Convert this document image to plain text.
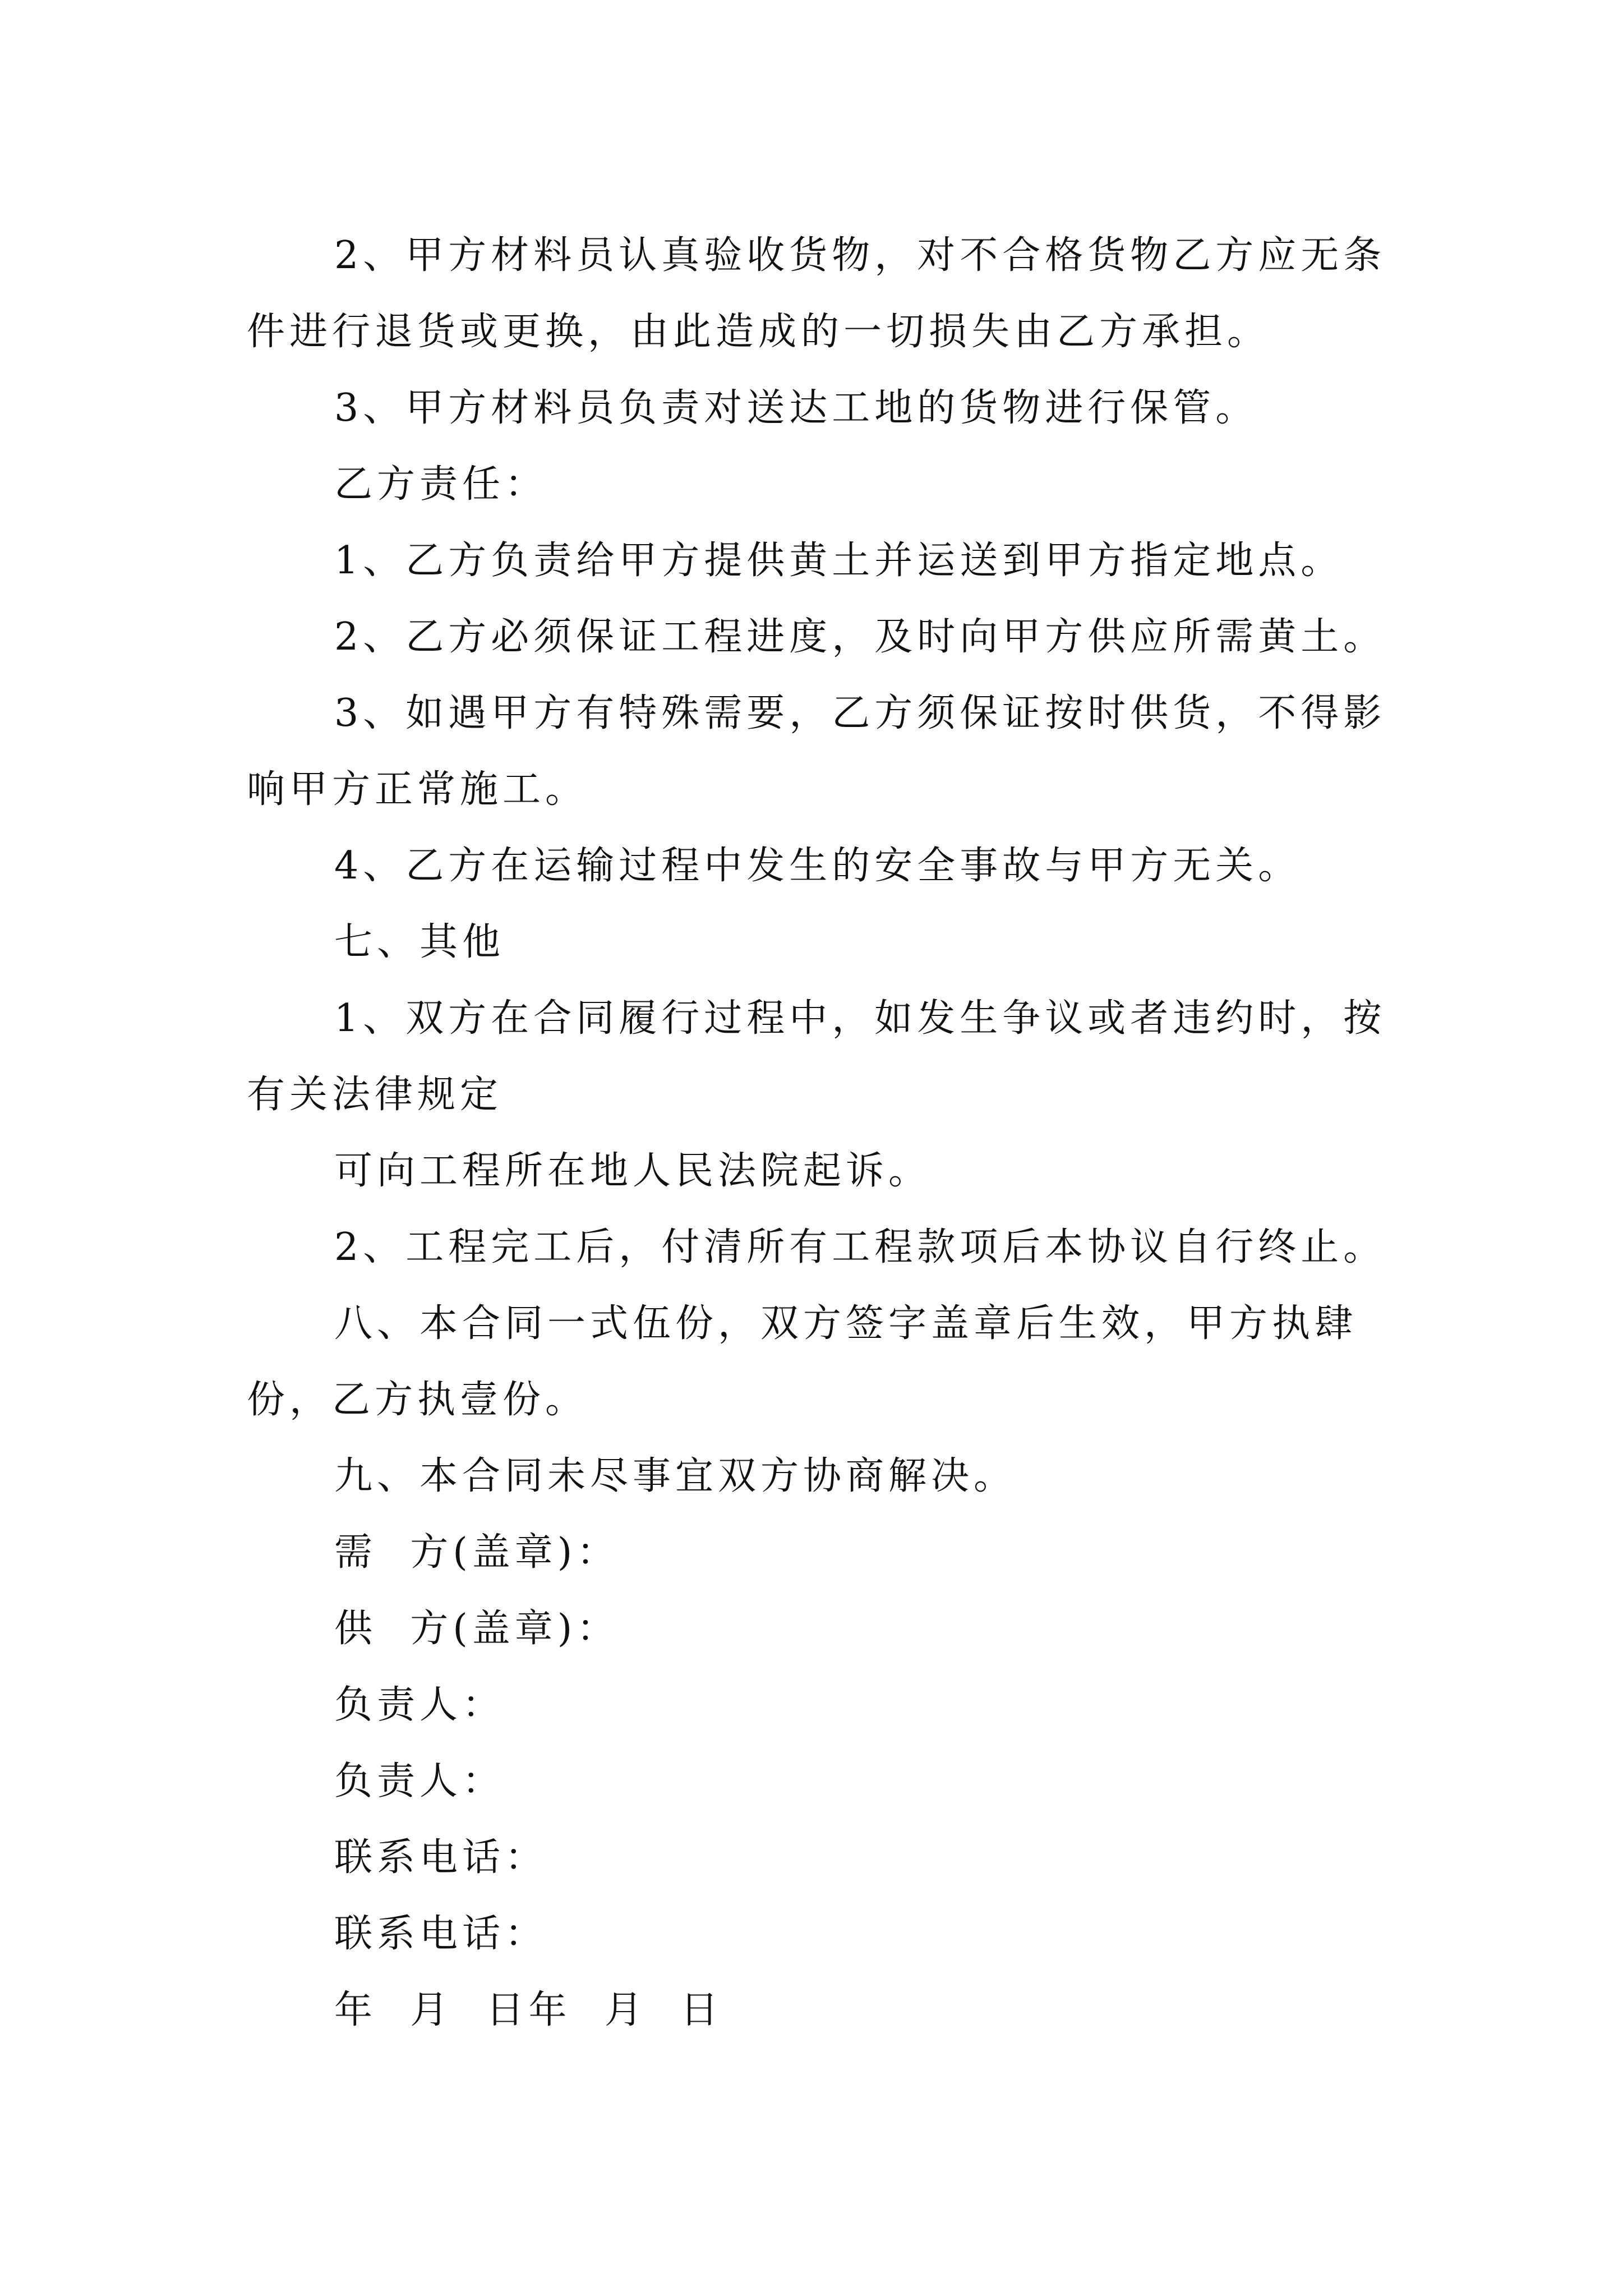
2、甲方材料员认真验收货物，对不合格货物乙方应无条件进行退货或更换，由此造成的一切损失由乙方承担。

3、甲方材料员负责对送达工地的货物进行保管。

乙方责任：

1、乙方负责给甲方提供黄土并运送到甲方指定地点。

2、乙方必须保证工程进度，及时向甲方供应所需黄土。

3、如遇甲方有特殊需要，乙方须保证按时供货，不得影响甲方正常施工。

4、乙方在运输过程中发生的安全事故与甲方无关。

七、其他

1、双方在合同履行过程中，如发生争议或者违约时，按有关法律规定

可向工程所在地人民法院起诉。

2、工程完工后，付清所有工程款项后本协议自行终止。

八、本合同一式伍份，双方签字盖章后生效，甲方执肆份，乙方执壹份。

九、本合同未尽事宜双方协商解决。

需  方(盖章)：

供  方(盖章)：

负责人：

负责人：

联系电话：

联系电话：

年  月  日年  月  日
